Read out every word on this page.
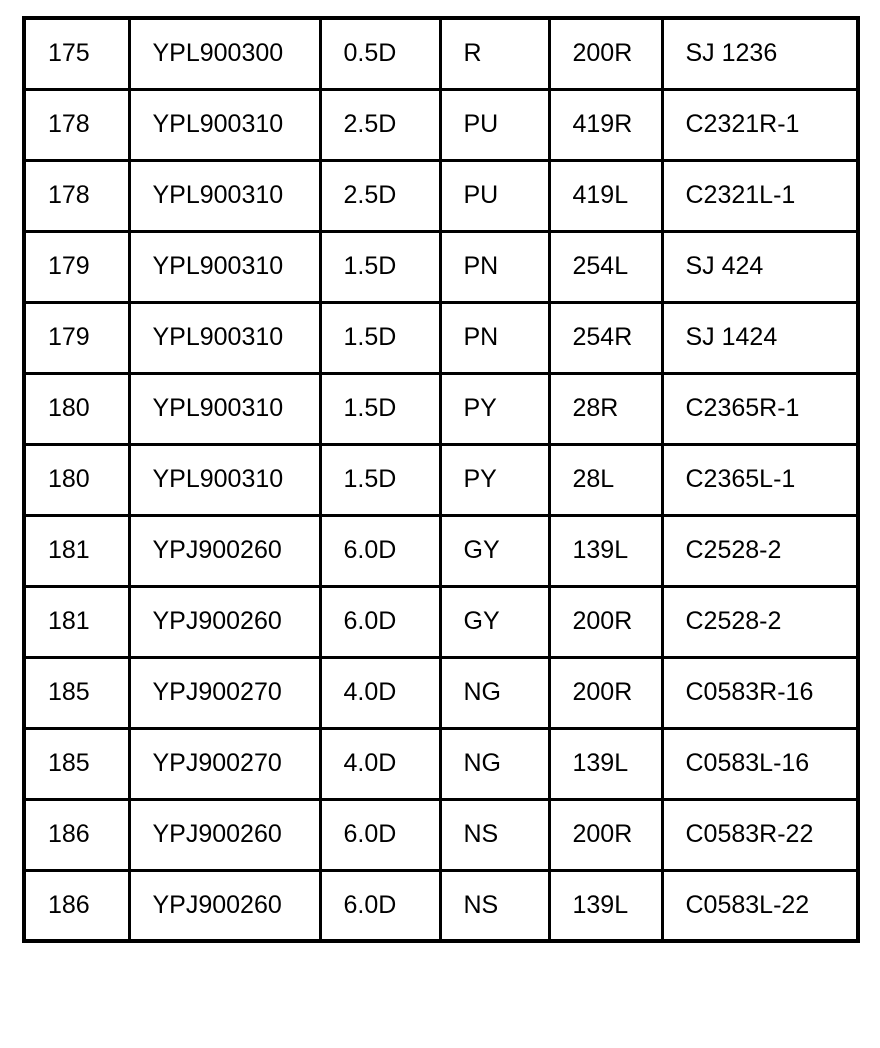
175	YPL900300	0.5D	R	200R	SJ 1236
178	YPL900310	2.5D	PU	419R	C2321R-1
178	YPL900310	2.5D	PU	419L	C2321L-1
179	YPL900310	1.5D	PN	254L	SJ 424
179	YPL900310	1.5D	PN	254R	SJ 1424
180	YPL900310	1.5D	PY	28R	C2365R-1
180	YPL900310	1.5D	PY	28L	C2365L-1
181	YPJ900260	6.0D	GY	139L	C2528-2
181	YPJ900260	6.0D	GY	200R	C2528-2
185	YPJ900270	4.0D	NG	200R	C0583R-16
185	YPJ900270	4.0D	NG	139L	C0583L-16
186	YPJ900260	6.0D	NS	200R	C0583R-22
186	YPJ900260	6.0D	NS	139L	C0583L-22
